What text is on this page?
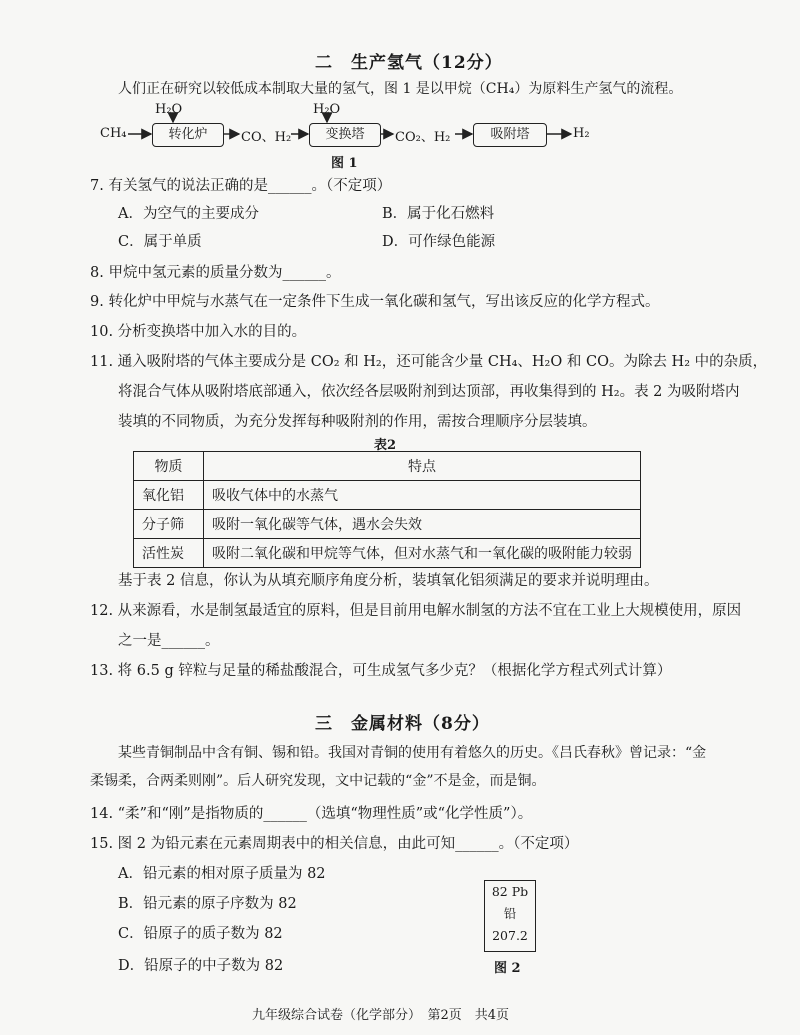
二　生产氢气（12分）
人们正在研究以较低成本制取大量的氢气，图 1 是以甲烷（CH₄）为原料生产氢气的流程。
CH₄
H₂O	H₂O
转化炉	CO、H₂	变换塔	CO₂、H₂	吸附塔	H₂
图 1
7. 有关氢气的说法正确的是______。（不定项）
A．为空气的主要成分	B．属于化石燃料
C．属于单质	D．可作绿色能源
8. 甲烷中氢元素的质量分数为______。
9. 转化炉中甲烷与水蒸气在一定条件下生成一氧化碳和氢气，写出该反应的化学方程式。
10. 分析变换塔中加入水的目的。
11. 通入吸附塔的气体主要成分是 CO₂ 和 H₂，还可能含少量 CH₄、H₂O 和 CO。为除去 H₂ 中的杂质，
将混合气体从吸附塔底部通入，依次经各层吸附剂到达顶部，再收集得到的 H₂。表 2 为吸附塔内
装填的不同物质，为充分发挥每种吸附剂的作用，需按合理顺序分层装填。
表2
物质	特点
氧化铝	吸收气体中的水蒸气
分子筛	吸附一氧化碳等气体，遇水会失效
活性炭	吸附二氧化碳和甲烷等气体，但对水蒸气和一氧化碳的吸附能力较弱
基于表 2 信息，你认为从填充顺序角度分析，装填氧化铝须满足的要求并说明理由。
12. 从来源看，水是制氢最适宜的原料，但是目前用电解水制氢的方法不宜在工业上大规模使用，原因
之一是______。
13. 将 6.5 g 锌粒与足量的稀盐酸混合，可生成氢气多少克？（根据化学方程式列式计算）
三　金属材料（8分）
某些青铜制品中含有铜、锡和铅。我国对青铜的使用有着悠久的历史。《吕氏春秋》曾记录：“金
柔锡柔，合两柔则刚”。后人研究发现，文中记载的“金”不是金，而是铜。
14. “柔”和“刚”是指物质的______（选填“物理性质”或“化学性质”）。
15. 图 2 为铅元素在元素周期表中的相关信息，由此可知______。（不定项）
A．铅元素的相对原子质量为 82
B．铅元素的原子序数为 82
C．铅原子的质子数为 82
D．铅原子的中子数为 82
82 Pb
铅
207.2
图 2
九年级综合试卷（化学部分）　第2页　共4页
